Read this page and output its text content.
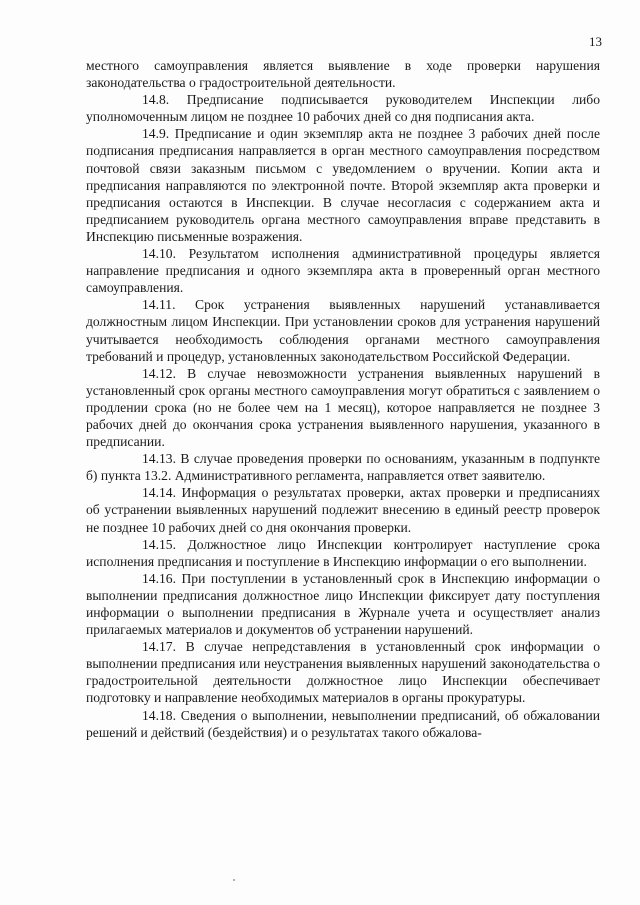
13

местного самоуправления является выявление в ходе проверки нарушения законодательства о градостроительной деятельности.

14.8. Предписание подписывается руководителем Инспекции либо уполномоченным лицом не позднее 10 рабочих дней со дня подписания акта.

14.9. Предписание и один экземпляр акта не позднее 3 рабочих дней после подписания предписания направляется в орган местного самоуправления посредством почтовой связи заказным письмом с уведомлением о вручении. Копии акта и предписания направляются по электронной почте. Второй экземпляр акта проверки и предписания остаются в Инспекции. В случае несогласия с содержанием акта и предписанием руководитель органа местного самоуправления вправе представить в Инспекцию письменные возражения.

14.10. Результатом исполнения административной процедуры является направление предписания и одного экземпляра акта в проверенный орган местного самоуправления.

14.11. Срок устранения выявленных нарушений устанавливается должностным лицом Инспекции. При установлении сроков для устранения нарушений учитывается необходимость соблюдения органами местного самоуправления требований и процедур, установленных законодательством Российской Федерации.

14.12. В случае невозможности устранения выявленных нарушений в установленный срок органы местного самоуправления могут обратиться с заявлением о продлении срока (но не более чем на 1 месяц), которое направляется не позднее 3 рабочих дней до окончания срока устранения выявленного нарушения, указанного в предписании.

14.13. В случае проведения проверки по основаниям, указанным в подпункте б) пункта 13.2. Административного регламента, направляется ответ заявителю.

14.14. Информация о результатах проверки, актах проверки и предписаниях об устранении выявленных нарушений подлежит внесению в единый реестр проверок не позднее 10 рабочих дней со дня окончания проверки.

14.15. Должностное лицо Инспекции контролирует наступление срока исполнения предписания и поступление в Инспекцию информации о его выполнении.

14.16. При поступлении в установленный срок в Инспекцию информации о выполнении предписания должностное лицо Инспекции фиксирует дату поступления информации о выполнении предписания в Журнале учета и осуществляет анализ прилагаемых материалов и документов об устранении нарушений.

14.17. В случае непредставления в установленный срок информации о выполнении предписания или неустранения выявленных нарушений законодательства о градостроительной деятельности должностное лицо Инспекции обеспечивает подготовку и направление необходимых материалов в органы прокуратуры.

14.18. Сведения о выполнении, невыполнении предписаний, об обжаловании решений и действий (бездействия) и о результатах такого обжалова-
